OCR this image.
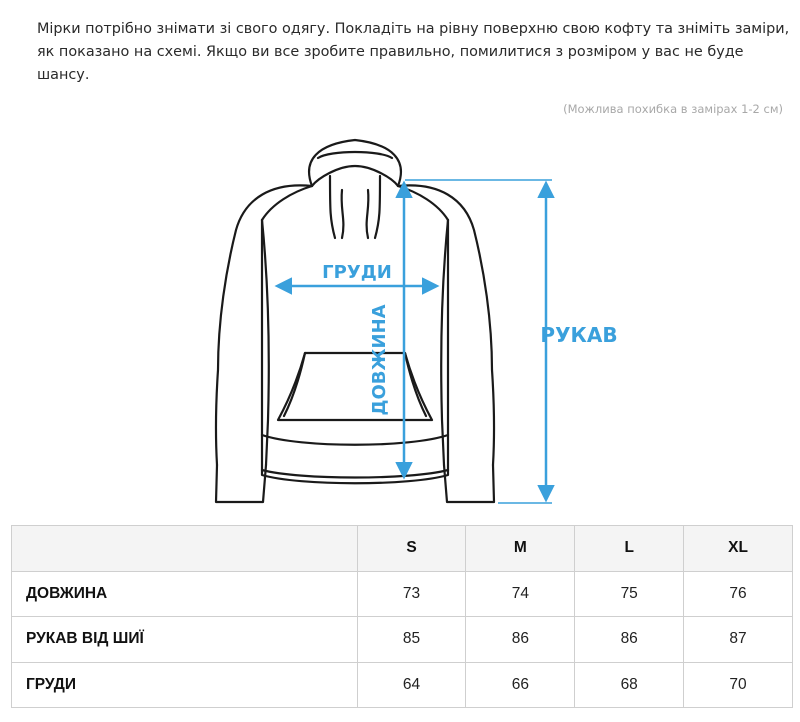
Мірки потрібно знімати зі свого одягу. Покладіть на рівну поверхню свою кофту та зніміть заміри, як показано на схемі. Якщо ви все зробите правильно, помилитися з розміром у вас не буде шансу.

(Можлива похибка в замірах 1-2 см)
ГРУДИ
ДОВЖИНА	РУКАВ
	S	M	L	XL
ДОВЖИНА	73	74	75	76
РУКАВ ВІД ШИЇ	85	86	86	87
ГРУДИ	64	66	68	70
